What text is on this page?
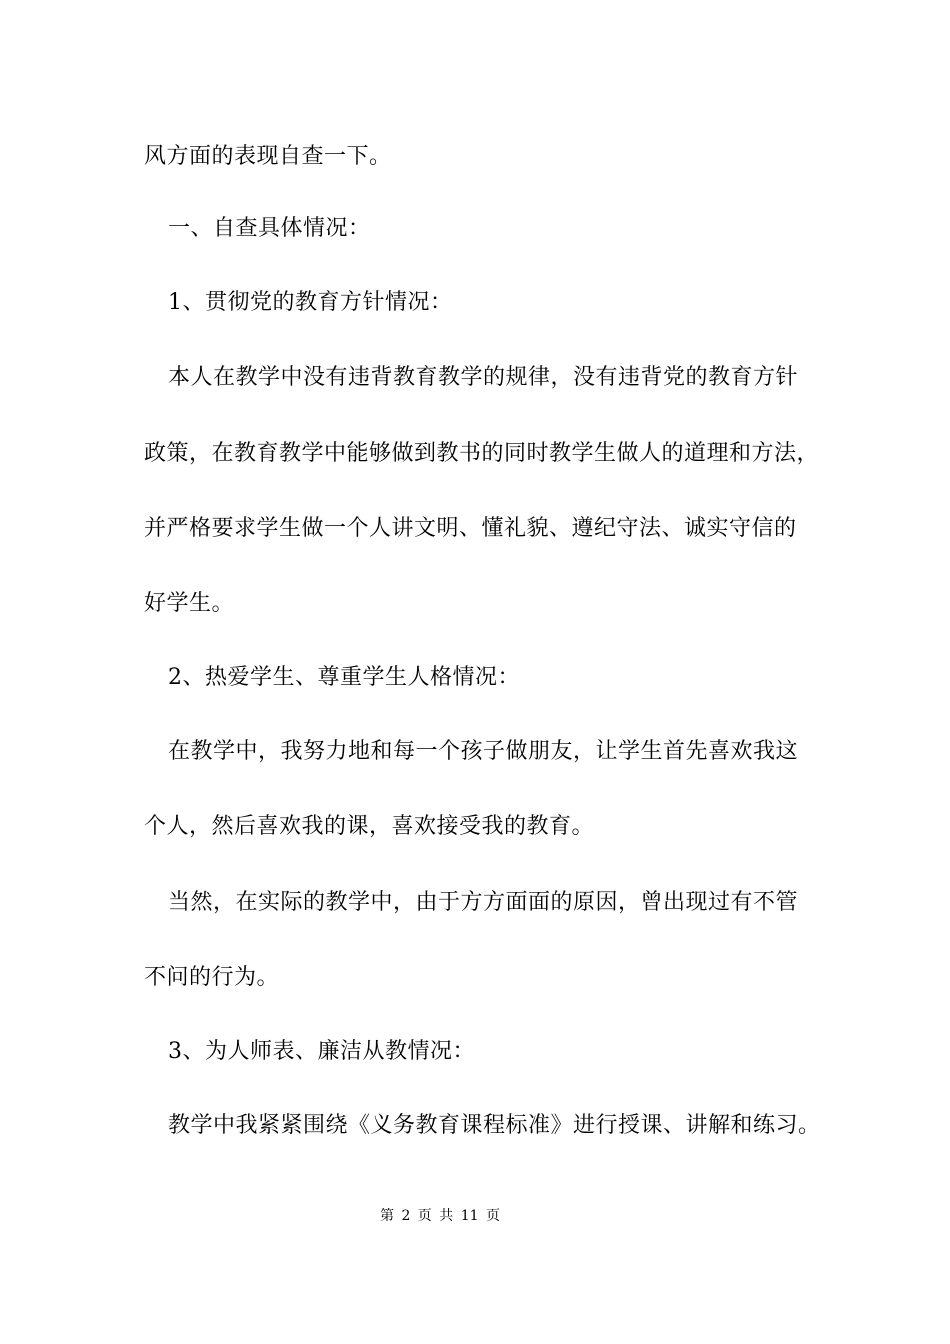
风方面的表现自查一下。
一、自查具体情况：
1、贯彻党的教育方针情况：
本人在教学中没有违背教育教学的规律，没有违背党的教育方针
政策，在教育教学中能够做到教书的同时教学生做人的道理和方法，
并严格要求学生做一个人讲文明、懂礼貌、遵纪守法、诚实守信的
好学生。
2、热爱学生、尊重学生人格情况：
在教学中，我努力地和每一个孩子做朋友，让学生首先喜欢我这
个人，然后喜欢我的课，喜欢接受我的教育。
当然，在实际的教学中，由于方方面面的原因，曾出现过有不管
不问的行为。
3、为人师表、廉洁从教情况：
教学中我紧紧围绕《义务教育课程标准》进行授课、讲解和练习。
第 2 页 共 11 页
